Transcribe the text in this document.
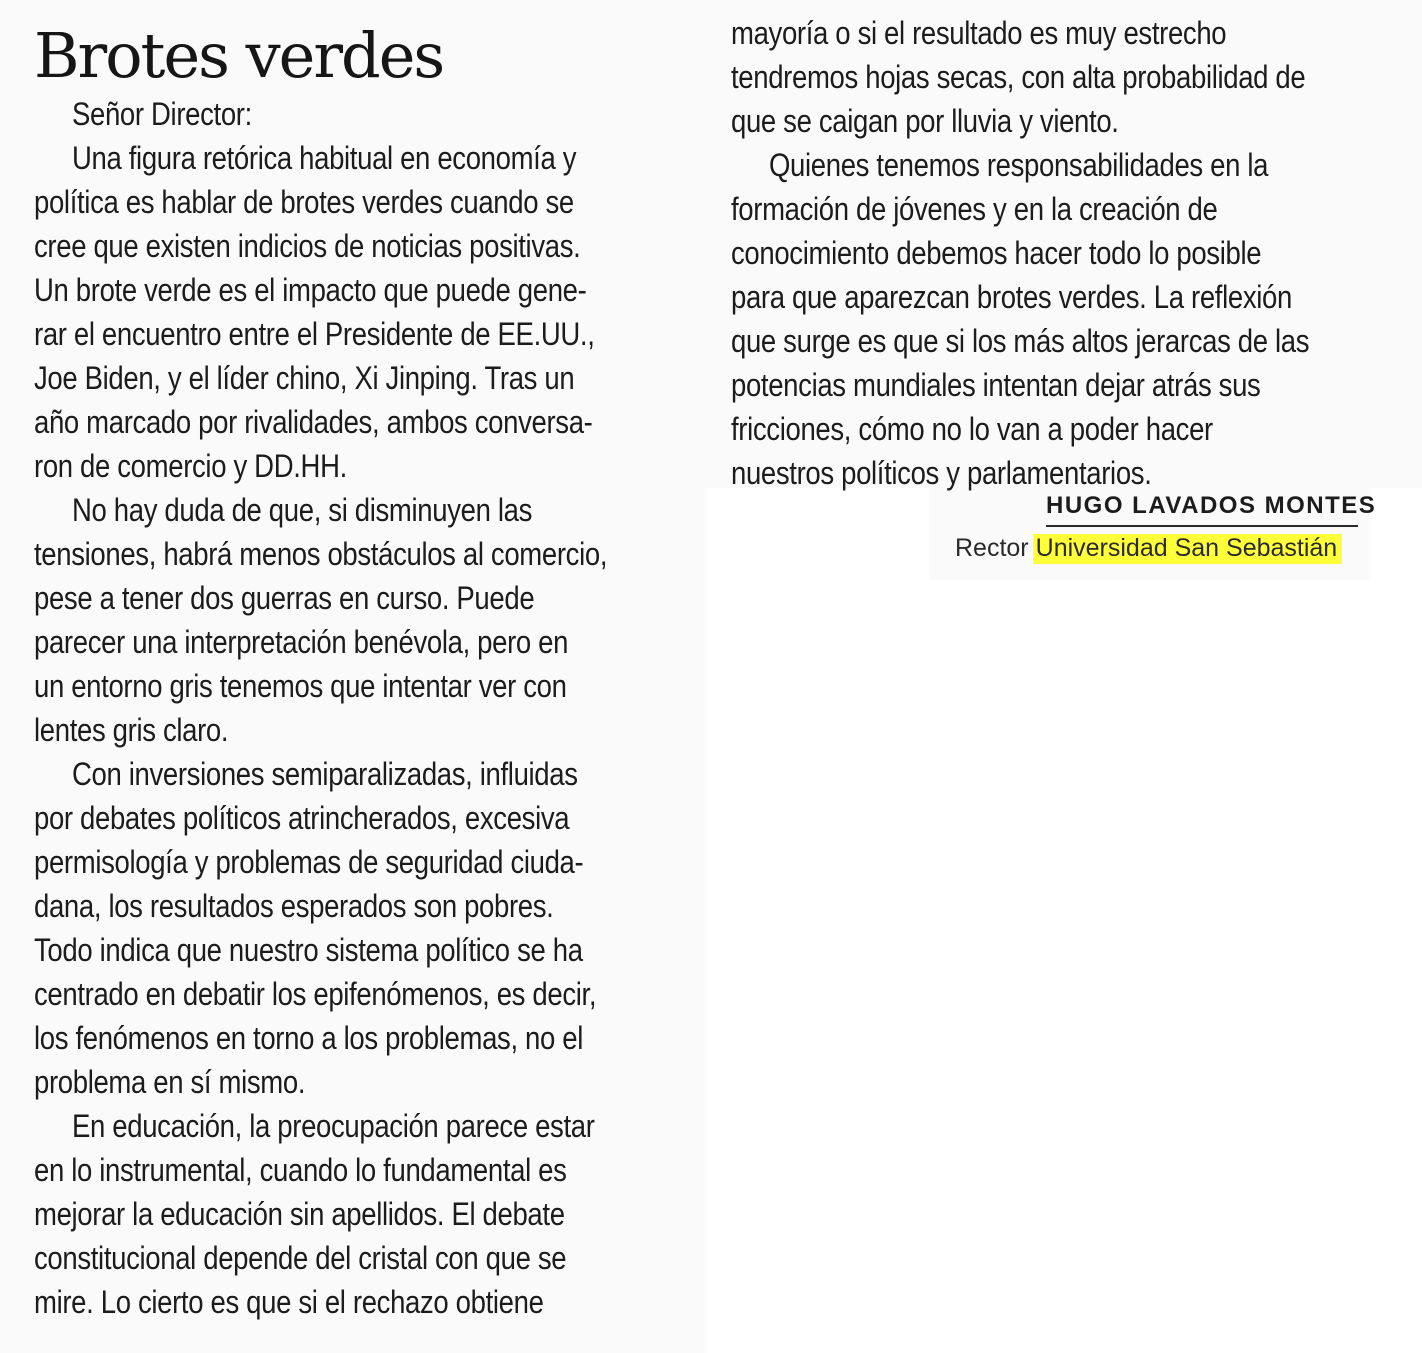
Brotes verdes
Señor Director:
Una figura retórica habitual en economía y
política es hablar de brotes verdes cuando se
cree que existen indicios de noticias positivas.
Un brote verde es el impacto que puede gene-
rar el encuentro entre el Presidente de EE.UU.,
Joe Biden, y el líder chino, Xi Jinping. Tras un
año marcado por rivalidades, ambos conversa-
ron de comercio y DD.HH.
No hay duda de que, si disminuyen las
tensiones, habrá menos obstáculos al comercio,
pese a tener dos guerras en curso. Puede
parecer una interpretación benévola, pero en
un entorno gris tenemos que intentar ver con
lentes gris claro.
Con inversiones semiparalizadas, influidas
por debates políticos atrincherados, excesiva
permisología y problemas de seguridad ciuda-
dana, los resultados esperados son pobres.
Todo indica que nuestro sistema político se ha
centrado en debatir los epifenómenos, es decir,
los fenómenos en torno a los problemas, no el
problema en sí mismo.
En educación, la preocupación parece estar
en lo instrumental, cuando lo fundamental es
mejorar la educación sin apellidos. El debate
constitucional depende del cristal con que se
mire. Lo cierto es que si el rechazo obtiene
mayoría o si el resultado es muy estrecho
tendremos hojas secas, con alta probabilidad de
que se caigan por lluvia y viento.
Quienes tenemos responsabilidades en la
formación de jóvenes y en la creación de
conocimiento debemos hacer todo lo posible
para que aparezcan brotes verdes. La reflexión
que surge es que si los más altos jerarcas de las
potencias mundiales intentan dejar atrás sus
fricciones, cómo no lo van a poder hacer
nuestros políticos y parlamentarios.
HUGO LAVADOS MONTES
Rector Universidad San Sebastián
